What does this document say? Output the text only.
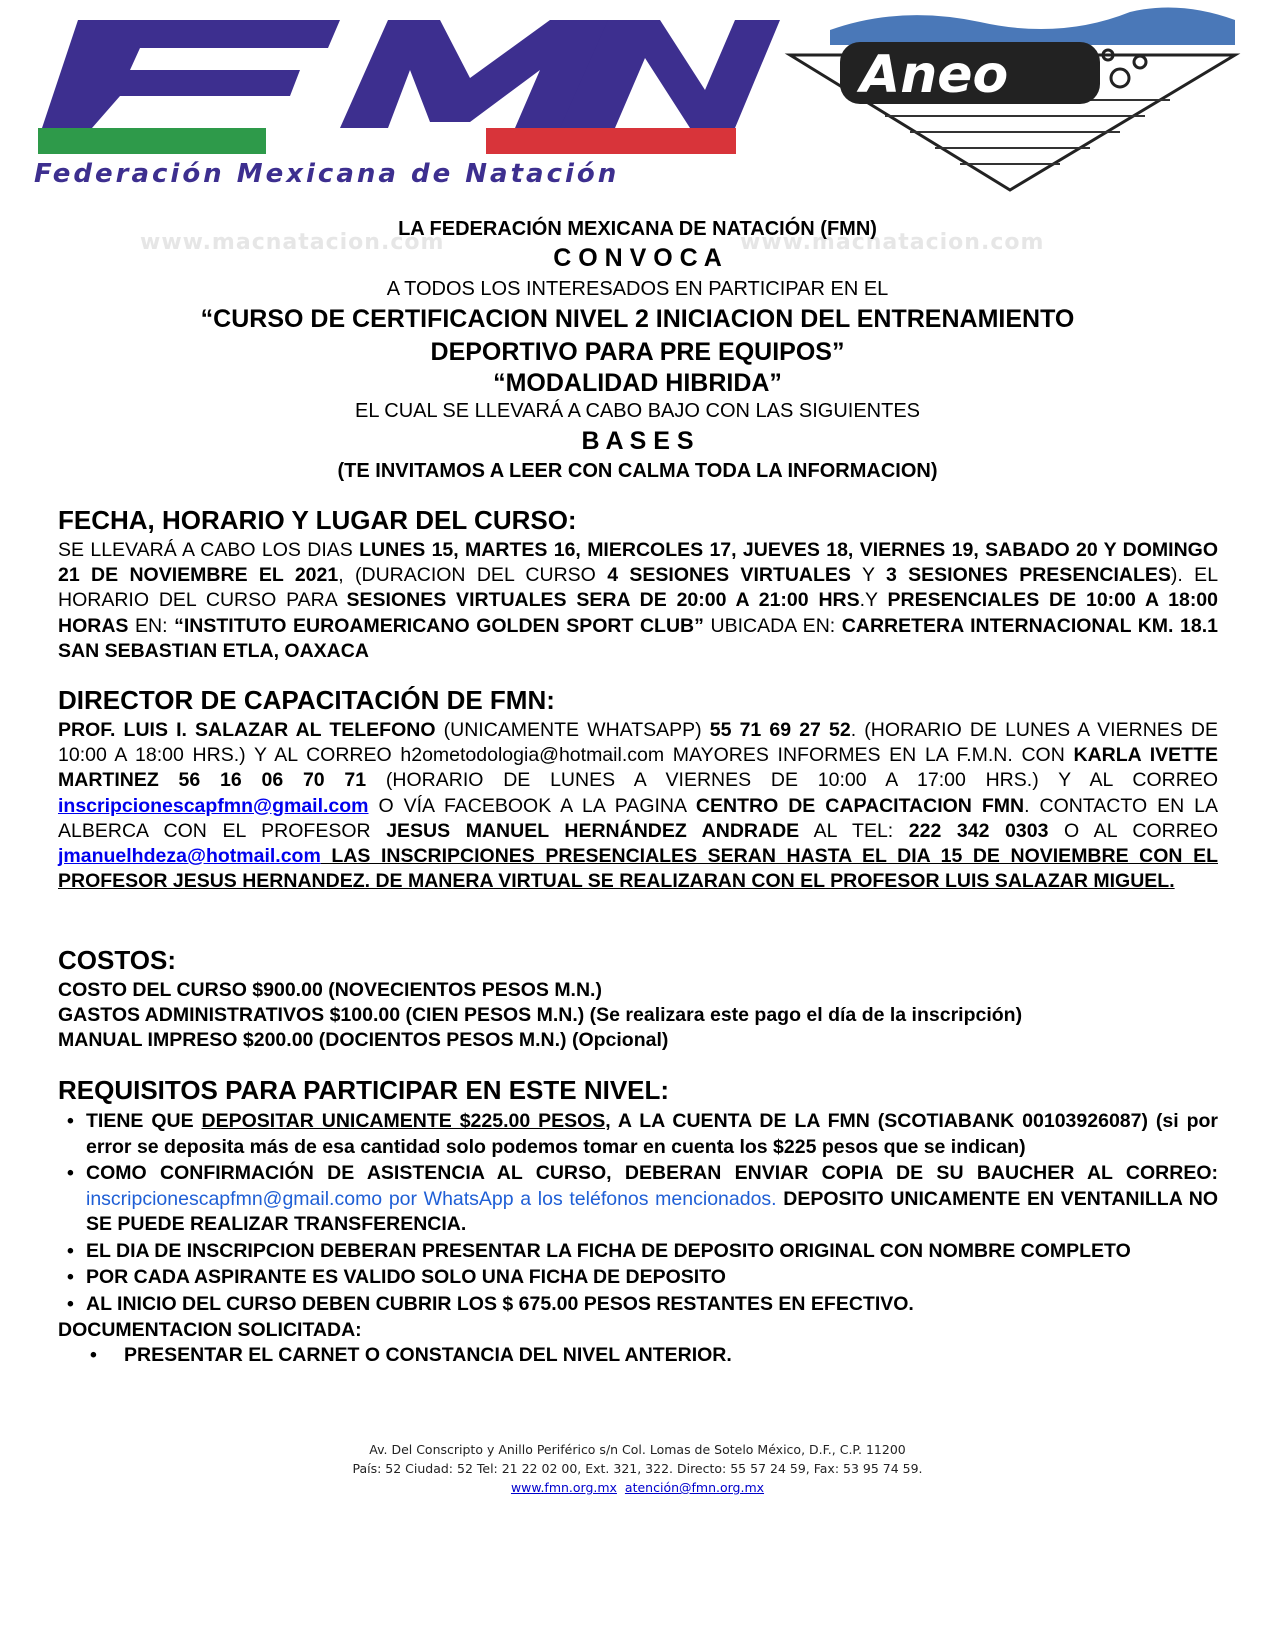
Federación Mexicana de Natación
Aneo
www.macnatacion.com	www.macnatacion.com
LA FEDERACIÓN MEXICANA DE NATACIÓN (FMN)
C O N V O C A
A TODOS LOS INTERESADOS EN PARTICIPAR EN EL
“CURSO DE CERTIFICACION NIVEL 2 INICIACION DEL ENTRENAMIENTO
DEPORTIVO PARA PRE EQUIPOS”
“MODALIDAD HIBRIDA”
EL CUAL SE LLEVARÁ A CABO BAJO CON LAS SIGUIENTES
B A S E S
(TE INVITAMOS A LEER CON CALMA TODA LA INFORMACION)
FECHA, HORARIO Y LUGAR DEL CURSO:
SE LLEVARÁ A CABO LOS DIAS LUNES 15, MARTES 16, MIERCOLES 17, JUEVES 18, VIERNES 19, SABADO 20 Y DOMINGO 21 DE NOVIEMBRE EL 2021, (DURACION DEL CURSO 4 SESIONES VIRTUALES Y 3 SESIONES PRESENCIALES). EL HORARIO DEL CURSO PARA SESIONES VIRTUALES SERA DE 20:00 A 21:00 HRS.Y PRESENCIALES DE 10:00 A 18:00 HORAS EN: “INSTITUTO EUROAMERICANO GOLDEN SPORT CLUB” UBICADA EN: CARRETERA INTERNACIONAL KM. 18.1 SAN SEBASTIAN ETLA, OAXACA
DIRECTOR DE CAPACITACIÓN DE FMN:
PROF. LUIS I. SALAZAR AL TELEFONO (UNICAMENTE WHATSAPP) 55 71 69 27 52. (HORARIO DE LUNES A VIERNES DE 10:00 A 18:00 HRS.) Y AL CORREO h2ometodologia@hotmail.com MAYORES INFORMES EN LA F.M.N. CON KARLA IVETTE MARTINEZ 56 16 06 70 71 (HORARIO DE LUNES A VIERNES DE 10:00 A 17:00 HRS.) Y AL CORREO inscripcionescapfmn@gmail.com O VÍA FACEBOOK A LA PAGINA CENTRO DE CAPACITACION FMN. CONTACTO EN LA ALBERCA CON EL PROFESOR JESUS MANUEL HERNÁNDEZ ANDRADE AL TEL: 222 342 0303 O AL CORREO jmanuelhdeza@hotmail.com LAS INSCRIPCIONES PRESENCIALES SERAN HASTA EL DIA 15 DE NOVIEMBRE CON EL PROFESOR JESUS HERNANDEZ. DE MANERA VIRTUAL SE REALIZARAN CON EL PROFESOR LUIS SALAZAR MIGUEL.
COSTOS:
COSTO DEL CURSO $900.00 (NOVECIENTOS PESOS M.N.)
GASTOS ADMINISTRATIVOS $100.00 (CIEN PESOS M.N.) (Se realizara este pago el día de la inscripción)
MANUAL IMPRESO $200.00 (DOCIENTOS PESOS M.N.) (Opcional)
REQUISITOS PARA PARTICIPAR EN ESTE NIVEL:
• TIENE QUE DEPOSITAR UNICAMENTE $225.00 PESOS, A LA CUENTA DE LA FMN (SCOTIABANK 00103926087) (si por error se deposita más de esa cantidad solo podemos tomar en cuenta los $225 pesos que se indican)
• COMO CONFIRMACIÓN DE ASISTENCIA AL CURSO, DEBERAN ENVIAR COPIA DE SU BAUCHER AL CORREO: inscripcionescapfmn@gmail.como por WhatsApp a los teléfonos mencionados. DEPOSITO UNICAMENTE EN VENTANILLA NO SE PUEDE REALIZAR TRANSFERENCIA.
• EL DIA DE INSCRIPCION DEBERAN PRESENTAR LA FICHA DE DEPOSITO ORIGINAL CON NOMBRE COMPLETO
• POR CADA ASPIRANTE ES VALIDO SOLO UNA FICHA DE DEPOSITO
• AL INICIO DEL CURSO DEBEN CUBRIR LOS $ 675.00 PESOS RESTANTES EN EFECTIVO.
DOCUMENTACION SOLICITADA:
• PRESENTAR EL CARNET O CONSTANCIA DEL NIVEL ANTERIOR.
Av. Del Conscripto y Anillo Periférico s/n Col. Lomas de Sotelo México, D.F., C.P. 11200
País: 52 Ciudad: 52 Tel: 21 22 02 00, Ext. 321, 322. Directo: 55 57 24 59, Fax: 53 95 74 59.
www.fmn.org.mx atención@fmn.org.mx
